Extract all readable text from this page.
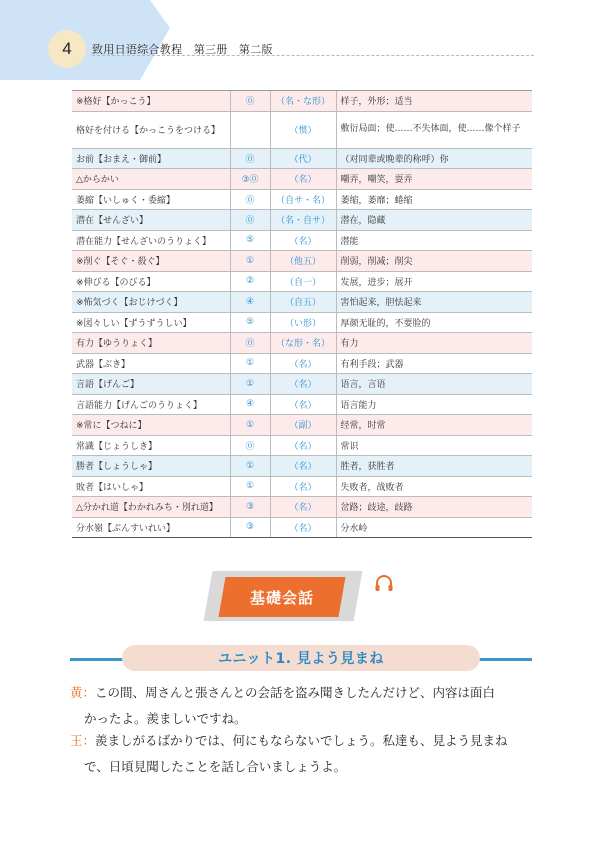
4	致用日语综合教程　第三册　第二版
※格好【かっこう】	⓪	（名・な形）	样子，外形；适当
格好を付ける【かっこうをつける】		（惯）	敷衍局面；使……不失体面，使……像个样子
お前【おまえ・御前】	⓪	（代）	（对同辈或晚辈的称呼）你
△からかい	③⓪	（名）	嘲弄，嘲笑，耍弄
萎縮【いしゅく・委縮】	⓪	（自サ・名）	萎缩，萎靡；蜷缩
潜在【せんざい】	⓪	（名・自サ）	潜在，隐藏
潜在能力【せんざいのうりょく】	⑤	（名）	潜能
※削ぐ【そぐ・殺ぐ】	①	（他五）	削弱，削减；削尖
※伸びる【のびる】	②	（自一）	发展，进步；展开
※怖気づく【おじけづく】	④	（自五）	害怕起来，胆怯起来
※図々しい【ずうずうしい】	⑤	（い形）	厚颜无耻的，不要脸的
有力【ゆうりょく】	⓪	（な形・名）	有力
武器【ぶき】	①	（名）	有利手段；武器
言語【げんご】	①	（名）	语言，言语
言語能力【げんごのうりょく】	④	（名）	语言能力
※常に【つねに】	①	（副）	经常，时常
常識【じょうしき】	⓪	（名）	常识
勝者【しょうしゃ】	①	（名）	胜者，获胜者
敗者【はいしゃ】	①	（名）	失败者，战败者
△分かれ道【わかれみち・別れ道】	③	（名）	岔路；歧途，歧路
分水嶺【ぶんすいれい】	③	（名）	分水岭
基礎会話
ユニット1. 見よう見まね
黄：この間、周さんと張さんとの会話を盗み聞きしたんだけど、内容は面白
かったよ。羨ましいですね。
王：羨ましがるばかりでは、何にもならないでしょう。私達も、見よう見まね
で、日頃見聞したことを話し合いましょうよ。
